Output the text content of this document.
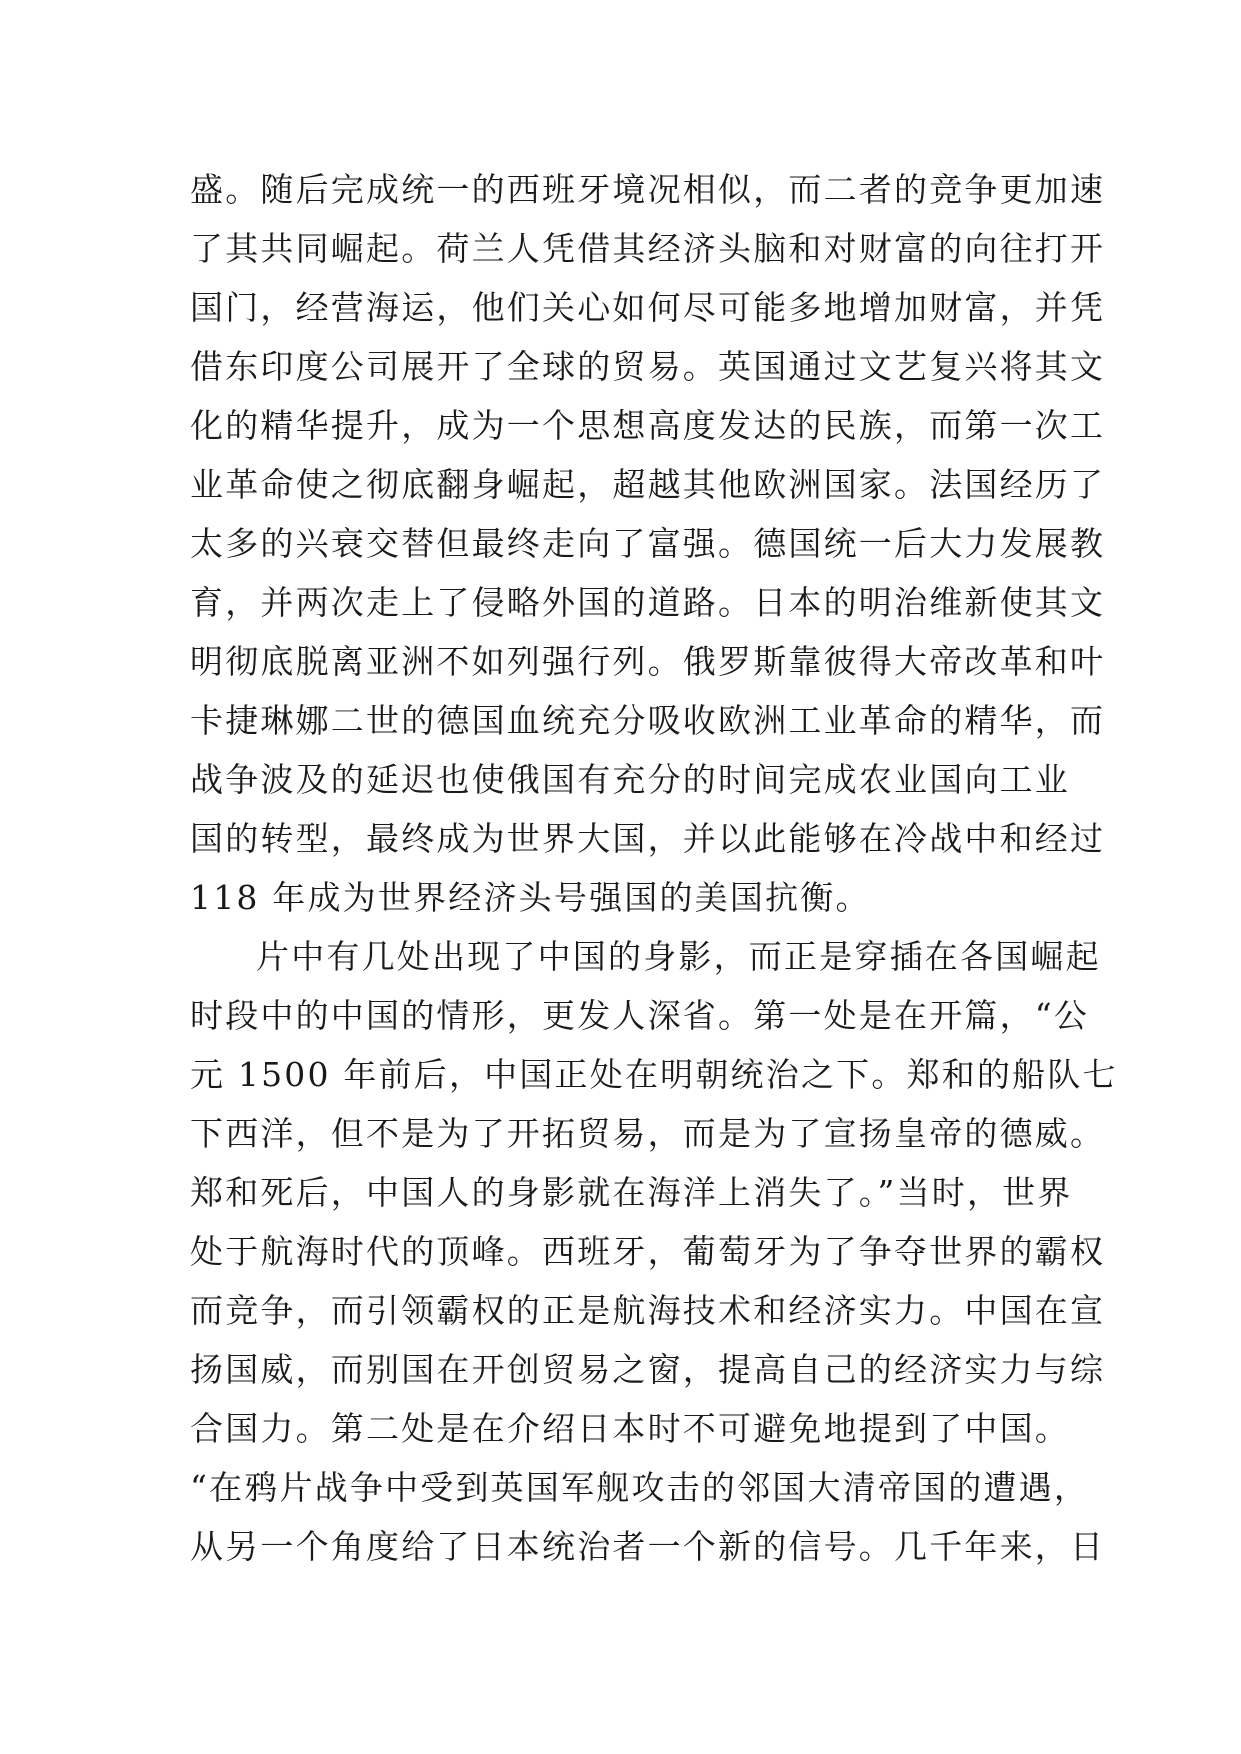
盛。随后完成统一的西班牙境况相似，而二者的竞争更加速
了其共同崛起。荷兰人凭借其经济头脑和对财富的向往打开
国门，经营海运，他们关心如何尽可能多地增加财富，并凭
借东印度公司展开了全球的贸易。英国通过文艺复兴将其文
化的精华提升，成为一个思想高度发达的民族，而第一次工
业革命使之彻底翻身崛起，超越其他欧洲国家。法国经历了
太多的兴衰交替但最终走向了富强。德国统一后大力发展教
育，并两次走上了侵略外国的道路。日本的明治维新使其文
明彻底脱离亚洲不如列强行列。俄罗斯靠彼得大帝改革和叶
卡捷琳娜二世的德国血统充分吸收欧洲工业革命的精华，而
战争波及的延迟也使俄国有充分的时间完成农业国向工业
国的转型，最终成为世界大国，并以此能够在冷战中和经过
118 年成为世界经济头号强国的美国抗衡。
片中有几处出现了中国的身影，而正是穿插在各国崛起
时段中的中国的情形，更发人深省。第一处是在开篇，“公
元 1500 年前后，中国正处在明朝统治之下。郑和的船队七
下西洋，但不是为了开拓贸易，而是为了宣扬皇帝的德威。
郑和死后，中国人的身影就在海洋上消失了。”当时，世界
处于航海时代的顶峰。西班牙，葡萄牙为了争夺世界的霸权
而竞争，而引领霸权的正是航海技术和经济实力。中国在宣
扬国威，而别国在开创贸易之窗，提高自己的经济实力与综
合国力。第二处是在介绍日本时不可避免地提到了中国。
“在鸦片战争中受到英国军舰攻击的邻国大清帝国的遭遇，
从另一个角度给了日本统治者一个新的信号。几千年来，日
